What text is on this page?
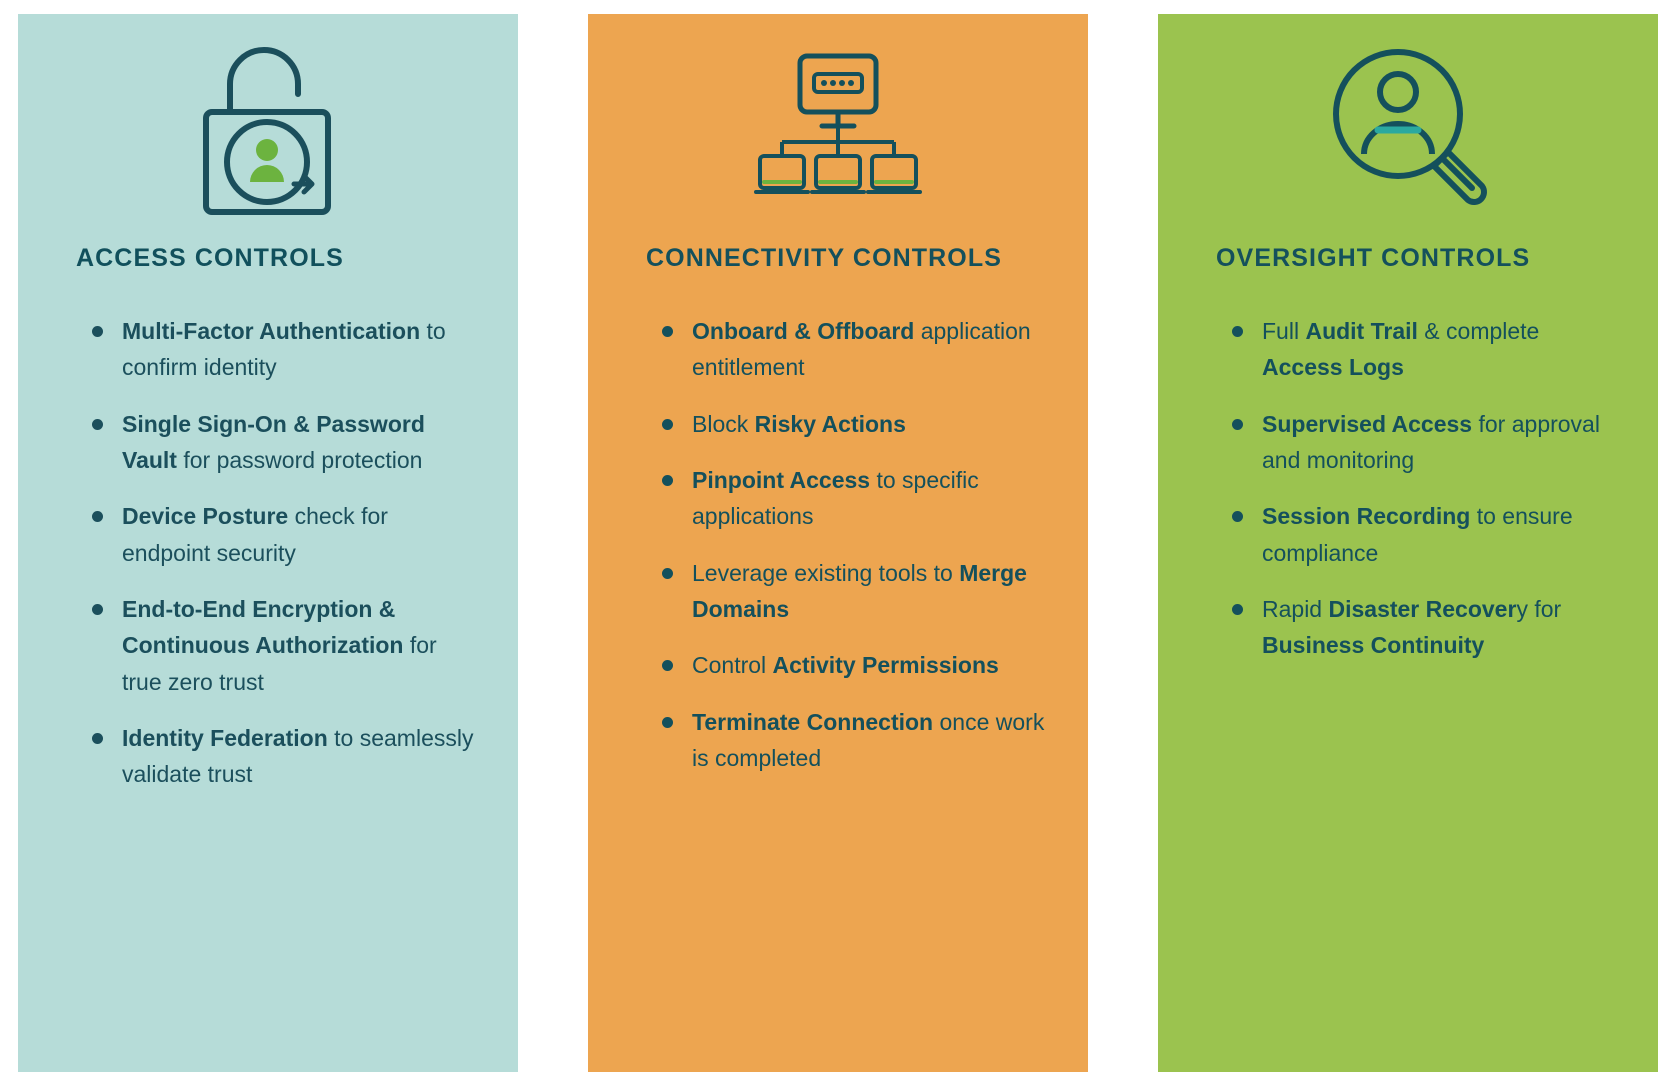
ACCESS CONTROLS
Multi-Factor Authentication to confirm identity
Single Sign-On & Password Vault for password protection
Device Posture check for endpoint security
End-to-End Encryption & Continuous Authorization for true zero trust
Identity Federation to seamlessly validate trust
CONNECTIVITY CONTROLS
Onboard & Offboard application entitlement
Block Risky Actions
Pinpoint Access to specific applications
Leverage existing tools to Merge Domains
Control Activity Permissions
Terminate Connection once work is completed
OVERSIGHT CONTROLS
Full Audit Trail & complete Access Logs
Supervised Access for approval and monitoring
Session Recording to ensure compliance
Rapid Disaster Recovery for Business Continuity
